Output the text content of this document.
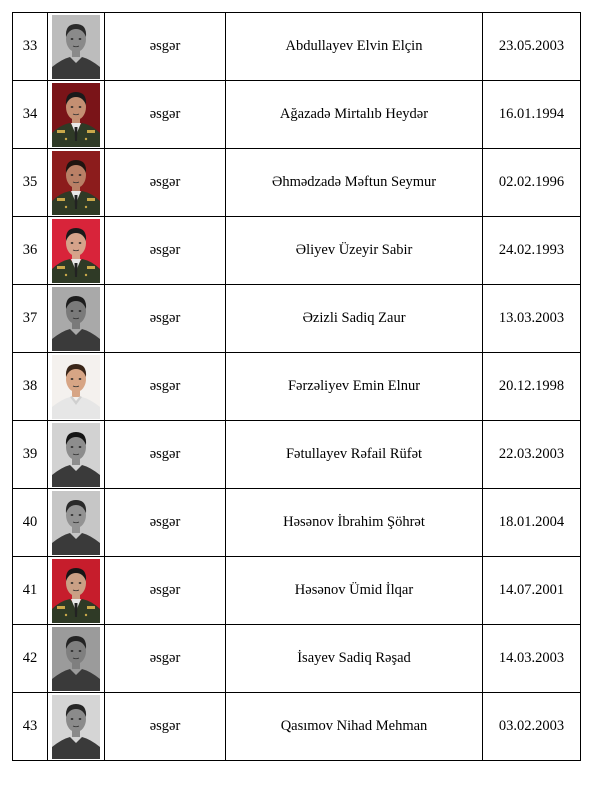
33		əsgər	Abdullayev Elvin Elçin	23.05.2003
34		əsgər	Ağazadə Mirtalıb Heydər	16.01.1994
35		əsgər	Əhmədzadə Məftun Seymur	02.02.1996
36		əsgər	Əliyev Üzeyir Sabir	24.02.1993
37		əsgər	Əzizli Sadiq Zaur	13.03.2003
38		əsgər	Fərzəliyev Emin Elnur	20.12.1998
39		əsgər	Fətullayev Rəfail Rüfət	22.03.2003
40		əsgər	Həsənov İbrahim Şöhrət	18.01.2004
41		əsgər	Həsənov Ümid İlqar	14.07.2001
42		əsgər	İsayev Sadiq Rəşad	14.03.2003
43		əsgər	Qasımov Nihad Mehman	03.02.2003
